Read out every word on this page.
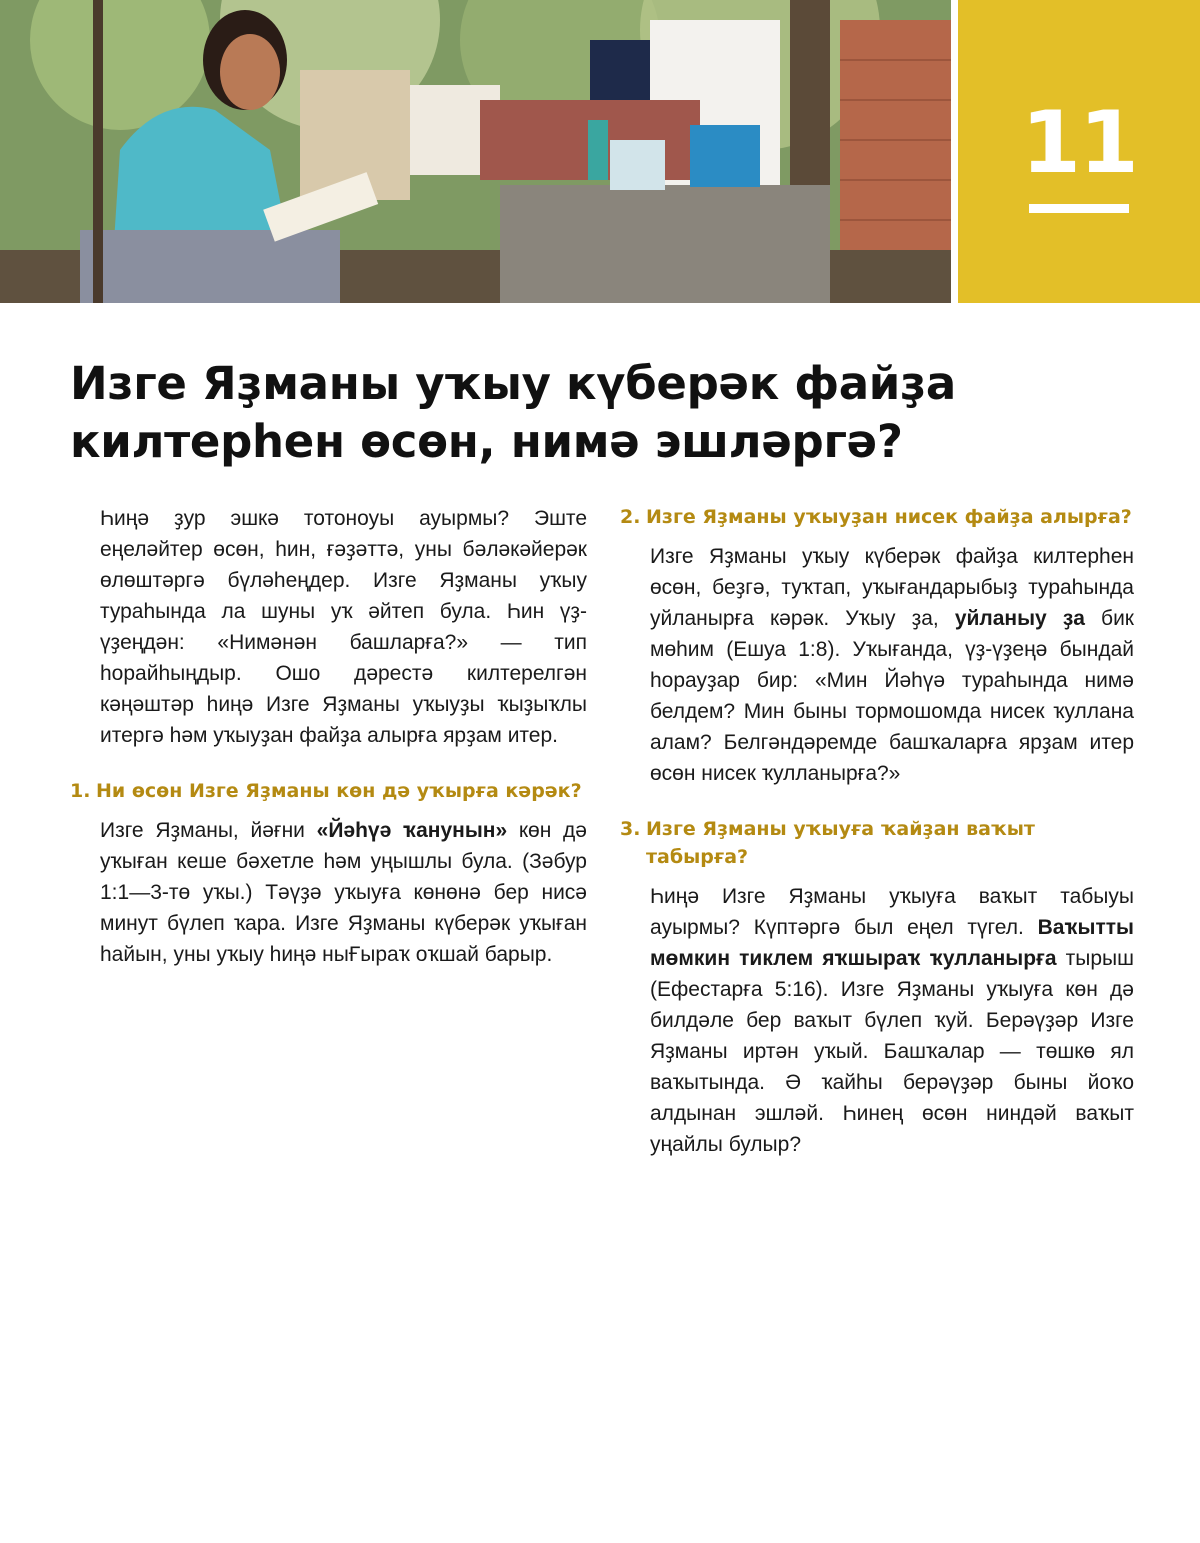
11
Изге Яҙманы уҡыу күберәк файҙа килтерһен өсөн, нимә эшләргә?

Һиңә ҙур эшкә тотоноуы ауырмы? Эште еңеләйтер өсөн, һин, ғәҙәттә, уны бәләкәйерәк өлөштәргә бүләһеңдер. Изге Яҙманы уҡыу тураһында ла шуны уҡ әйтеп була. Һин үҙ-үҙеңдән: «Нимәнән башларға?» — тип һорайһыңдыр. Ошо дәрестә килтерелгән кәңәштәр һиңә Изге Яҙманы уҡыуҙы ҡыҙыҡлы итергә һәм уҡыуҙан файҙа алырға ярҙам итер.

1. Ни өсөн Изге Яҙманы көн дә уҡырға кәрәк?

Изге Яҙманы, йәғни «Йәһүә ҡанунын» көн дә уҡыған кеше бәхетле һәм уңышлы була. (Зәбур 1:1—3-тө уҡы.) Тәүҙә уҡыуға көнөнә бер нисә минут бүлеп ҡара. Изге Яҙманы күберәк уҡыған һайын, уны уҡыу һиңә ныҒыраҡ оҡшай барыр.

2. Изге Яҙманы уҡыуҙан нисек файҙа алырға?

Изге Яҙманы уҡыу күберәк файҙа килтерһен өсөн, беҙгә, туҡтап, уҡығандарыбыҙ тураһында уйланырға кәрәк. Уҡыу ҙа, уйланыу ҙа бик мөһим (Ешуа 1:8). Уҡығанда, үҙ-үҙеңә бындай һорауҙар бир: «Мин Йәһүә тураһында нимә белдем? Мин быны тормошомда нисек ҡуллана алам? Белгәндәремде башҡаларға ярҙам итер өсөн нисек ҡулланырға?»

3. Изге Яҙманы уҡыуға ҡайҙан ваҡыт табырға?

Һиңә Изге Яҙманы уҡыуға ваҡыт табыуы ауырмы? Күптәргә был еңел түгел. Ваҡытты мөмкин тиклем яҡшыраҡ ҡулланырға тырыш (Ефестарға 5:16). Изге Яҙманы уҡыуға көн дә билдәле бер ваҡыт бүлеп ҡуй. Берәүҙәр Изге Яҙманы иртән уҡый. Башҡалар — төшкө ял ваҡытында. Ә ҡайһы берәүҙәр быны йоҡо алдынан эшләй. Һинең өсөн ниндәй ваҡыт уңайлы булыр?
